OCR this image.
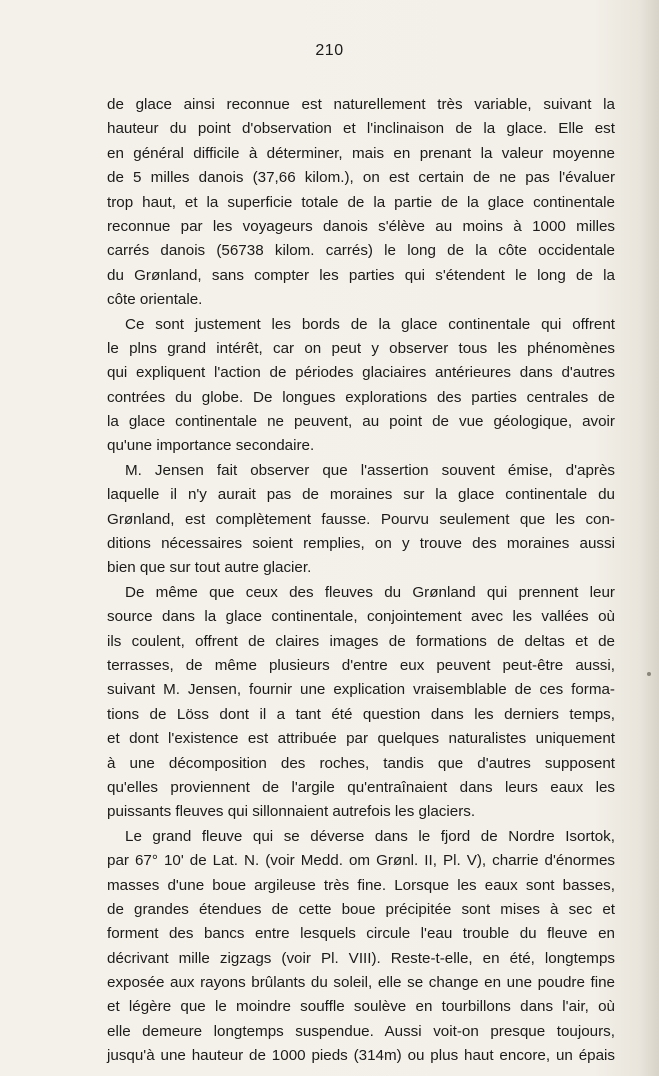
210
de glace ainsi reconnue est naturellement très variable, suivant la
hauteur du point d'observation et l'inclinaison de la glace. Elle est
en général difficile à déterminer, mais en prenant la valeur moyenne
de 5 milles danois (37,66 kilom.), on est certain de ne pas l'évaluer
trop haut, et la superficie totale de la partie de la glace continentale
reconnue par les voyageurs danois s'élève au moins à 1000 milles
carrés danois (56738 kilom. carrés) le long de la côte occidentale
du Grønland, sans compter les parties qui s'étendent le long de la
côte orientale.
Ce sont justement les bords de la glace continentale qui offrent
le plns grand intérêt, car on peut y observer tous les phénomènes
qui expliquent l'action de périodes glaciaires antérieures dans d'autres
contrées du globe. De longues explorations des parties centrales de
la glace continentale ne peuvent, au point de vue géologique, avoir
qu'une importance secondaire.
M. Jensen fait observer que l'assertion souvent émise, d'après
laquelle il n'y aurait pas de moraines sur la glace continentale du
Grønland, est complètement fausse. Pourvu seulement que les con-
ditions nécessaires soient remplies, on y trouve des moraines aussi
bien que sur tout autre glacier.
De même que ceux des fleuves du Grønland qui prennent leur
source dans la glace continentale, conjointement avec les vallées où
ils coulent, offrent de claires images de formations de deltas et de
terrasses, de même plusieurs d'entre eux peuvent peut-être aussi,
suivant M. Jensen, fournir une explication vraisemblable de ces forma-
tions de Löss dont il a tant été question dans les derniers temps,
et dont l'existence est attribuée par quelques naturalistes uniquement
à une décomposition des roches, tandis que d'autres supposent
qu'elles proviennent de l'argile qu'entraînaient dans leurs eaux les
puissants fleuves qui sillonnaient autrefois les glaciers.
Le grand fleuve qui se déverse dans le fjord de Nordre Isortok,
par 67° 10' de Lat. N. (voir Medd. om Grønl. II, Pl. V), charrie d'énormes
masses d'une boue argileuse très fine. Lorsque les eaux sont basses,
de grandes étendues de cette boue précipitée sont mises à sec et
forment des bancs entre lesquels circule l'eau trouble du fleuve en
décrivant mille zigzags (voir Pl. VIII). Reste-t-elle, en été, longtemps
exposée aux rayons brûlants du soleil, elle se change en une poudre fine
et légère que le moindre souffle soulève en tourbillons dans l'air, où
elle demeure longtemps suspendue. Aussi voit-on presque toujours,
jusqu'à une hauteur de 1000 pieds (314m) ou plus haut encore, un épais
